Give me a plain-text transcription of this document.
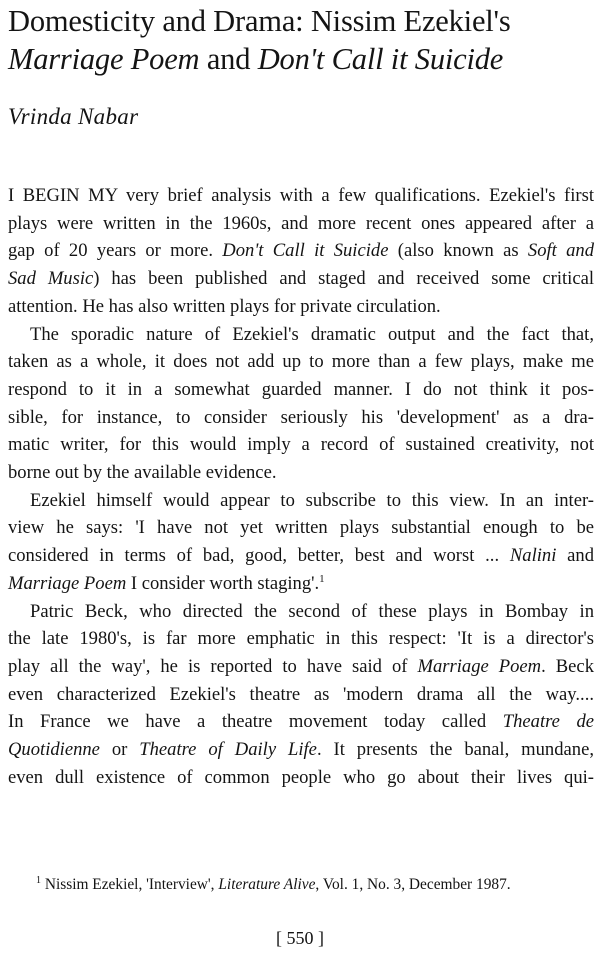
Domesticity and Drama: Nissim Ezekiel's
Marriage Poem and Don't Call it Suicide
Vrinda Nabar

I BEGIN MY very brief analysis with a few qualifications. Ezekiel's first
plays were written in the 1960s, and more recent ones appeared after a
gap of 20 years or more. Don't Call it Suicide (also known as Soft and
Sad Music) has been published and staged and received some critical
attention. He has also written plays for private circulation.

The sporadic nature of Ezekiel's dramatic output and the fact that,
taken as a whole, it does not add up to more than a few plays, make me
respond to it in a somewhat guarded manner. I do not think it pos-
sible, for instance, to consider seriously his 'development' as a dra-
matic writer, for this would imply a record of sustained creativity, not
borne out by the available evidence.

Ezekiel himself would appear to subscribe to this view. In an inter-
view he says: 'I have not yet written plays substantial enough to be
considered in terms of bad, good, better, best and worst ... Nalini and
Marriage Poem I consider worth staging'.$^1$

Patric Beck, who directed the second of these plays in Bombay in
the late 1980's, is far more emphatic in this respect: 'It is a director's
play all the way', he is reported to have said of Marriage Poem. Beck
even characterized Ezekiel's theatre as 'modern drama all the way....
In France we have a theatre movement today called Theatre de
Quotidienne or Theatre of Daily Life. It presents the banal, mundane,
even dull existence of common people who go about their lives qui-

$^1$ Nissim Ezekiel, 'Interview', Literature Alive, Vol. 1, No. 3, December 1987.
[ 550 ]
